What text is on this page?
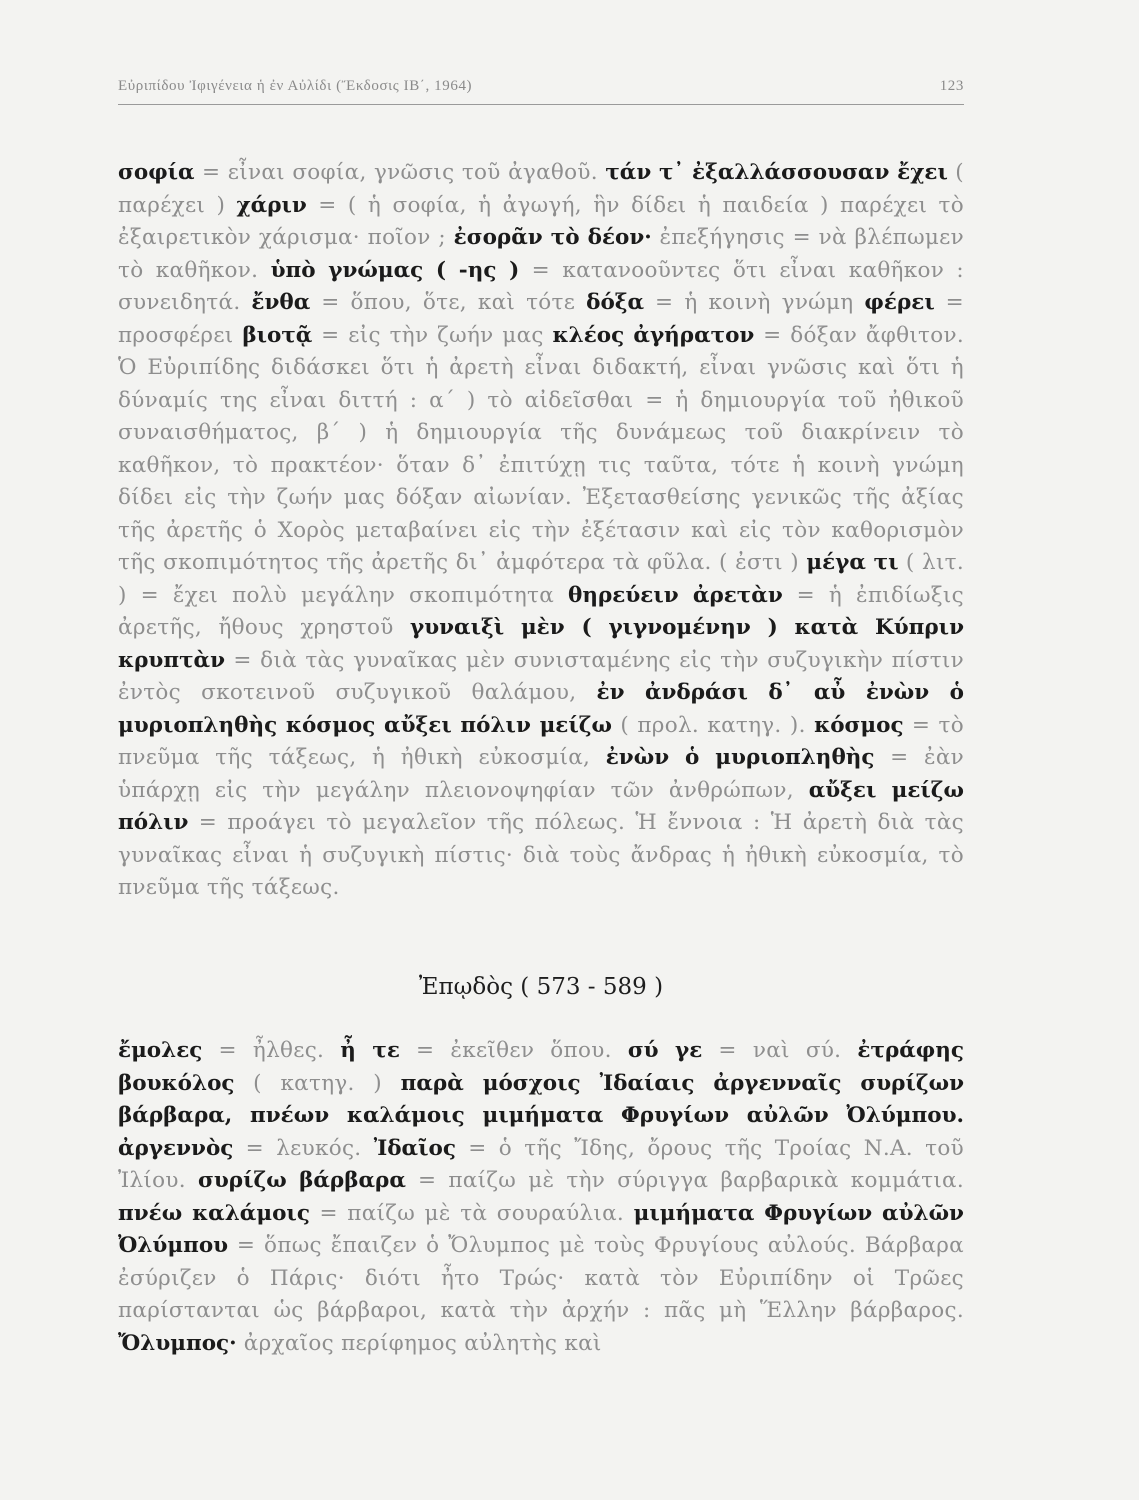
Εὐριπίδου Ἰφιγένεια ἡ ἐν Αὐλίδι (Ἔκδοσις ΙΒ΄, 1964)	123
σοφία = εἶναι σοφία, γνῶσις τοῦ ἀγαθοῦ. τάν τ᾽ ἐξαλλάσσουσαν ἔχει ( παρέχει ) χάριν = ( ἡ σοφία, ἡ ἀγωγή, ἣν δίδει ἡ παιδεία ) παρέχει τὸ ἐξαιρετικὸν χάρισμα· ποῖον ; ἐσορᾶν τὸ δέον· ἐπεξήγησις = νὰ βλέπωμεν τὸ καθῆκον. ὑπὸ γνώμας ( -ης ) = κατανοοῦντες ὅτι εἶναι καθῆκον : συνειδητά. ἔνθα = ὅπου, ὅτε, καὶ τότε δόξα = ἡ κοινὴ γνώμη φέρει = προσφέρει βιοτᾷ = εἰς τὴν ζωήν μας κλέος ἀγήρατον = δόξαν ἄφθιτον. Ὁ Εὐριπίδης διδάσκει ὅτι ἡ ἀρετὴ εἶναι διδακτή, εἶναι γνῶσις καὶ ὅτι ἡ δύναμίς της εἶναι διττή : α΄ ) τὸ αἰδεῖσθαι = ἡ δημιουργία τοῦ ἠθικοῦ συναισθήματος, β΄ ) ἡ δημιουργία τῆς δυνάμεως τοῦ διακρίνειν τὸ καθῆκον, τὸ πρακτέον· ὅταν δ᾽ ἐπιτύχῃ τις ταῦτα, τότε ἡ κοινὴ γνώμη δίδει εἰς τὴν ζωήν μας δόξαν αἰωνίαν. Ἐξετασθείσης γενικῶς τῆς ἀξίας τῆς ἀρετῆς ὁ Χορὸς μεταβαίνει εἰς τὴν ἐξέτασιν καὶ εἰς τὸν καθορισμὸν τῆς σκοπιμότητος τῆς ἀρετῆς δι᾽ ἀμφότερα τὰ φῦλα. ( ἐστι ) μέγα τι ( λιτ. ) = ἔχει πολὺ μεγάλην σκοπιμότητα θηρεύειν ἀρετὰν = ἡ ἐπιδίωξις ἀρετῆς, ἤθους χρηστοῦ γυναιξὶ μὲν ( γιγνομένην ) κατὰ Κύπριν κρυπτὰν = διὰ τὰς γυναῖκας μὲν συνισταμένης εἰς τὴν συζυγικὴν πίστιν ἐντὸς σκοτεινοῦ συζυγικοῦ θαλάμου, ἐν ἀνδράσι δ᾽ αὖ ἐνὼν ὁ μυριοπληθὴς κόσμος αὔξει πόλιν μείζω ( προλ. κατηγ. ). κόσμος = τὸ πνεῦμα τῆς τάξεως, ἡ ἠθικὴ εὐκοσμία, ἐνὼν ὁ μυριοπληθὴς = ἐὰν ὑπάρχῃ εἰς τὴν μεγάλην πλειονοψηφίαν τῶν ἀνθρώπων, αὔξει μείζω πόλιν = προάγει τὸ μεγαλεῖον τῆς πόλεως. Ἡ ἔννοια : Ἡ ἀρετὴ διὰ τὰς γυναῖκας εἶναι ἡ συζυγικὴ πίστις· διὰ τοὺς ἄνδρας ἡ ἠθικὴ εὐκοσμία, τὸ πνεῦμα τῆς τάξεως.
Ἐπῳδὸς ( 573 - 589 )
ἔμολες = ἦλθες. ἦ τε = ἐκεῖθεν ὅπου. σύ γε = ναὶ σύ. ἐτράφης βουκόλος ( κατηγ. ) παρὰ μόσχοις Ἰδαίαις ἀργενναῖς συρίζων βάρβαρα, πνέων καλάμοις μιμήματα Φρυγίων αὐλῶν Ὀλύμπου. ἀργεννὸς = λευκός. Ἰδαῖος = ὁ τῆς Ἴδης, ὄρους τῆς Τροίας Ν.Α. τοῦ Ἰλίου. συρίζω βάρβαρα = παίζω μὲ τὴν σύριγγα βαρβαρικὰ κομμάτια. πνέω καλάμοις = παίζω μὲ τὰ σουραύλια. μιμήματα Φρυγίων αὐλῶν Ὀλύμπου = ὅπως ἔπαιζεν ὁ Ὄλυμπος μὲ τοὺς Φρυγίους αὐλούς. Βάρβαρα ἐσύριζεν ὁ Πάρις· διότι ἦτο Τρώς· κατὰ τὸν Εὐριπίδην οἱ Τρῶες παρίστανται ὡς βάρβαροι, κατὰ τὴν ἀρχήν : πᾶς μὴ Ἕλλην βάρβαρος. Ὄλυμπος· ἀρχαῖος περίφημος αὐλητὴς καὶ
